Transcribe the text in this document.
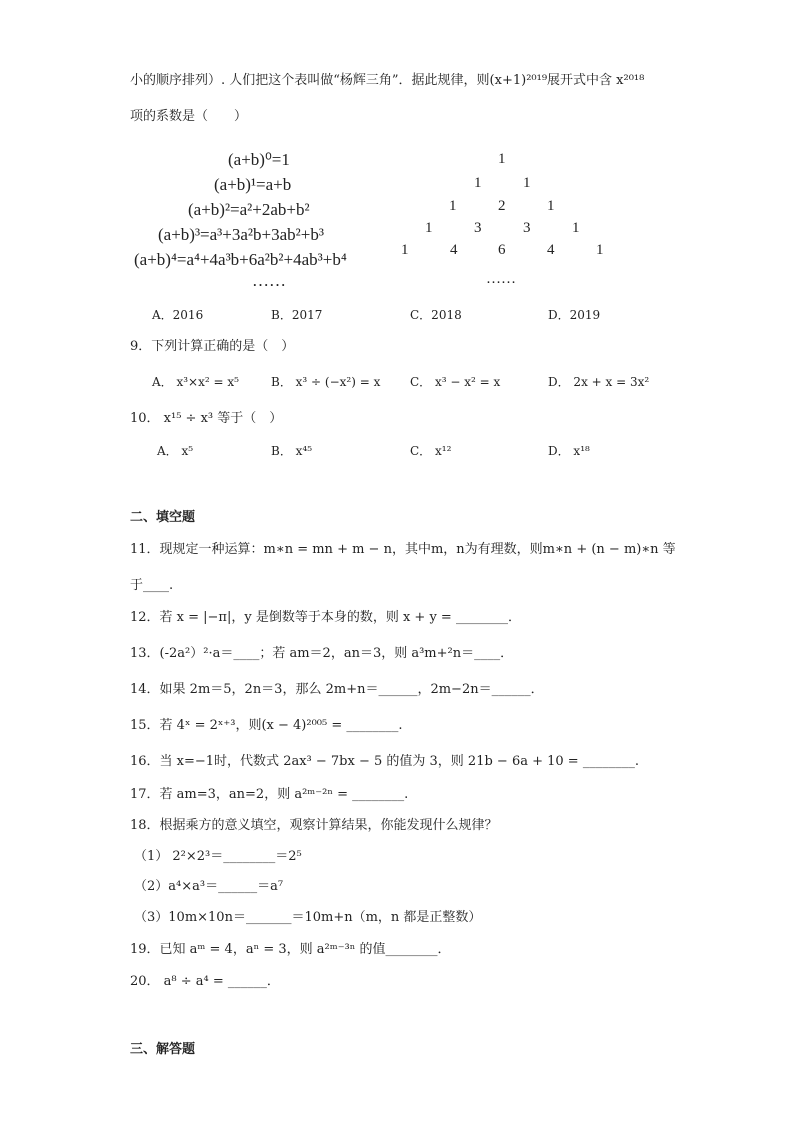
小的顺序排列）. 人们把这个表叫做“杨辉三角”．据此规律，则(x+1)²⁰¹⁹展开式中含 x²⁰¹⁸
项的系数是（　　）
(a+b)⁰=1
(a+b)¹=a+b
(a+b)²=a²+2ab+b²
(a+b)³=a³+3a²b+3ab²+b³
(a+b)⁴=a⁴+4a³b+6a²b²+4ab³+b⁴
……
1
1	1
1	2	1
1	3	3	1
1	4	6	4	1
……
A．2016	B．2017	C．2018	D．2019
9．下列计算正确的是（　）
A． x³×x² = x⁵	B． x³ ÷ (−x²) = x C． x³ − x² = x	D． 2x + x = 3x²
10． x¹⁵ ÷ x³ 等于（　）
A． x⁵	B． x⁴⁵	C． x¹²	D． x¹⁸
二、填空题
11．现规定一种运算：m∗n = mn + m − n，其中m，n为有理数，则m∗n + (n − m)∗n 等
于____.
12．若 x = |−π|，y 是倒数等于本身的数，则 x + y = ________．
13．(-2a²）²·a＝____；若 am＝2，an＝3，则 a³m+²n＝____．
14．如果 2m＝5，2n＝3，那么 2m+n＝______，2m−2n＝______．
15．若 4ˣ = 2ˣ⁺³，则(x − 4)²⁰⁰⁵ = ________.
16．当 x=−1时，代数式 2ax³ − 7bx − 5 的值为 3，则 21b − 6a + 10 = ________.
17．若 am=3，an=2，则 a²ᵐ⁻²ⁿ = ________.
18．根据乘方的意义填空，观察计算结果，你能发现什么规律？
（1） 2²×2³＝________＝2⁵
（2）a⁴×a³＝______＝a⁷
（3）10m×10n＝_______＝10m+n（m，n 都是正整数）
19．已知 aᵐ = 4，aⁿ = 3，则 a²ᵐ⁻³ⁿ 的值________．
20． a⁸ ÷ a⁴ = ______．
三、解答题
